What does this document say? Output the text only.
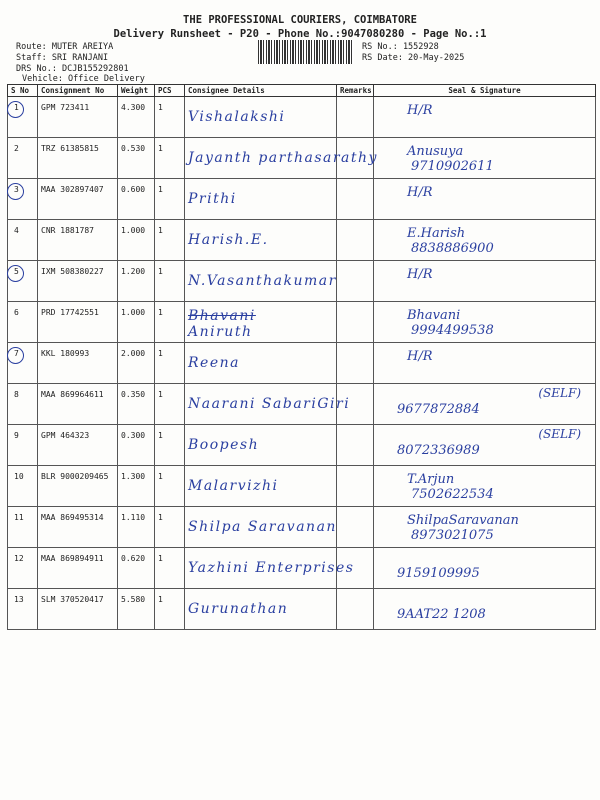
THE PROFESSIONAL COURIERS, COIMBATORE
Delivery Runsheet - P20 - Phone No.:9047080280 - Page No.:1
Route: MUTER AREIYA
Staff: SRI RANJANI
DRS No.: DCJB155292801
Vehicle: Office Delivery
RS No.: 1552928
RS Date: 20-May-2025
S No	Consignment No	Weight	PCS	Consignee Details	Remarks	Seal & Signature
1	GPM 723411	4.300	1	Vishalakshi		H/R

2	TRZ 61385815	0.530	1	Jayanth parthasarathy		Anusuya
9710902611

3	MAA 302897407	0.600	1	Prithi		H/R

4	CNR 1881787	1.000	1	Harish.E.		E.Harish
8838886900

5	IXM 508380227	1.200	1	N.Vasanthakumar		H/R

6	PRD 17742551	1.000	1	Bhavani
Aniruth		Bhavani
9994499538

7	KKL 180993	2.000	1	Reena		H/R

8	MAA 869964611	0.350	1	Naarani SabariGiri		9677872884
(SELF)

9	GPM 464323	0.300	1	Boopesh		8072336989
(SELF)

10	BLR 9000209465	1.300	1	Malarvizhi		T.Arjun
7502622534

11	MAA 869495314	1.110	1	Shilpa Saravanan		ShilpaSaravanan
8973021075

12	MAA 869894911	0.620	1	Yazhini Enterprises		9159109995

13	SLM 370520417	5.580	1	Gurunathan		9AAT22 1208
